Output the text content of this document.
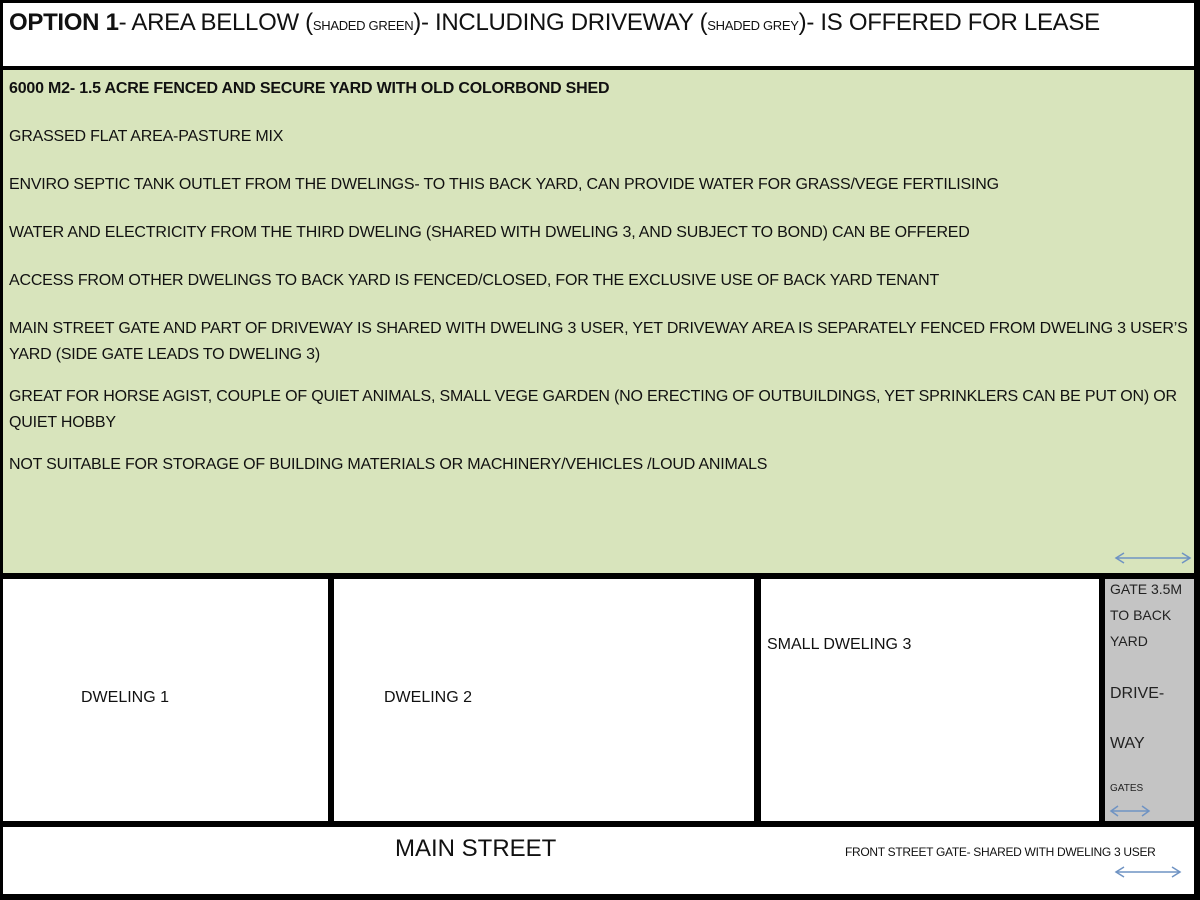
OPTION 1- AREA BELLOW (SHADED GREEN)- INCLUDING DRIVEWAY (SHADED GREY)- IS OFFERED FOR LEASE

6000 M2- 1.5 ACRE FENCED AND SECURE YARD WITH OLD COLORBOND SHED

GRASSED FLAT AREA-PASTURE MIX

ENVIRO SEPTIC TANK OUTLET FROM THE DWELINGS- TO THIS BACK YARD, CAN PROVIDE WATER FOR GRASS/VEGE FERTILISING

WATER AND ELECTRICITY FROM THE THIRD DWELING (SHARED WITH DWELING 3, AND SUBJECT TO BOND) CAN BE OFFERED

ACCESS FROM OTHER DWELINGS TO BACK YARD IS FENCED/CLOSED, FOR THE EXCLUSIVE USE OF BACK YARD TENANT

MAIN STREET GATE AND PART OF DRIVEWAY IS SHARED WITH DWELING 3 USER, YET DRIVEWAY AREA IS SEPARATELY FENCED FROM DWELING 3 USER’S YARD (SIDE GATE LEADS TO DWELING 3)

GREAT FOR HORSE AGIST, COUPLE OF QUIET ANIMALS, SMALL VEGE GARDEN (NO ERECTING OF OUTBUILDINGS, YET SPRINKLERS CAN BE PUT ON) OR QUIET HOBBY

NOT SUITABLE FOR STORAGE OF BUILDING MATERIALS OR MACHINERY/VEHICLES /LOUD ANIMALS

DWELING 1	DWELING 2
SMALL DWELING 3
GATE 3.5M
TO BACK
YARD
DRIVE-
WAY
GATES
MAIN STREET	FRONT STREET GATE- SHARED WITH DWELING 3 USER
